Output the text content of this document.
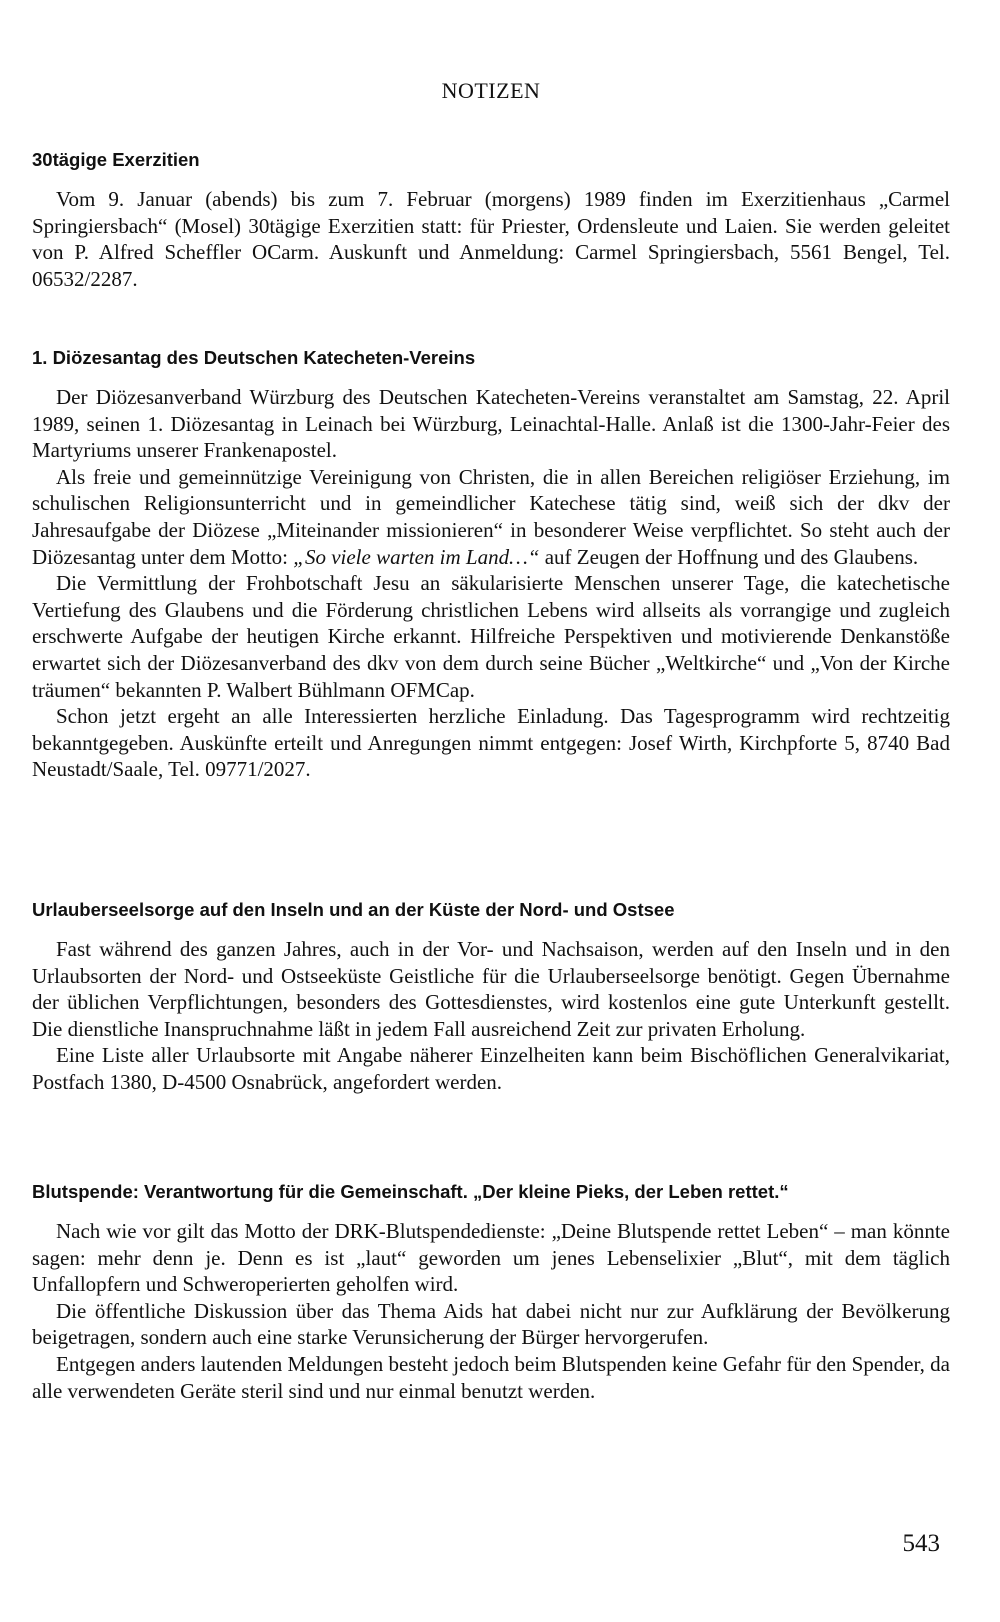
NOTIZEN
30tägige Exerzitien

Vom 9. Januar (abends) bis zum 7. Februar (morgens) 1989 finden im Exerzitienhaus „Carmel Springiersbach“ (Mosel) 30tägige Exerzitien statt: für Priester, Ordensleute und Laien. Sie werden geleitet von P. Alfred Scheffler OCarm. Auskunft und Anmeldung: Carmel Springiersbach, 5561 Bengel, Tel. 06532/2287.

1. Diözesantag des Deutschen Katecheten-Vereins

Der Diözesanverband Würzburg des Deutschen Katecheten-Vereins veranstaltet am Samstag, 22. April 1989, seinen 1. Diözesantag in Leinach bei Würzburg, Leinachtal-Halle. Anlaß ist die 1300-Jahr-Feier des Martyriums unserer Frankenapostel.

Als freie und gemeinnützige Vereinigung von Christen, die in allen Bereichen religiöser Erziehung, im schulischen Religionsunterricht und in gemeindlicher Katechese tätig sind, weiß sich der dkv der Jahresaufgabe der Diözese „Miteinander missionieren“ in besonderer Weise verpflichtet. So steht auch der Diözesantag unter dem Motto: „So viele warten im Land…“ auf Zeugen der Hoffnung und des Glaubens.

Die Vermittlung der Frohbotschaft Jesu an säkularisierte Menschen unserer Tage, die katechetische Vertiefung des Glaubens und die Förderung christlichen Lebens wird allseits als vorrangige und zugleich erschwerte Aufgabe der heutigen Kirche erkannt. Hilfreiche Perspektiven und motivierende Denkanstöße erwartet sich der Diözesanverband des dkv von dem durch seine Bücher „Weltkirche“ und „Von der Kirche träumen“ bekannten P. Walbert Bühlmann OFMCap.

Schon jetzt ergeht an alle Interessierten herzliche Einladung. Das Tagesprogramm wird rechtzeitig bekanntgegeben. Auskünfte erteilt und Anregungen nimmt entgegen: Josef Wirth, Kirchpforte 5, 8740 Bad Neustadt/Saale, Tel. 09771/2027.

Urlauberseelsorge auf den Inseln und an der Küste der Nord- und Ostsee

Fast während des ganzen Jahres, auch in der Vor- und Nachsaison, werden auf den Inseln und in den Urlaubsorten der Nord- und Ostseeküste Geistliche für die Urlauberseelsorge benötigt. Gegen Übernahme der üblichen Verpflichtungen, besonders des Gottesdienstes, wird kostenlos eine gute Unterkunft gestellt. Die dienstliche Inanspruchnahme läßt in jedem Fall ausreichend Zeit zur privaten Erholung.

Eine Liste aller Urlaubsorte mit Angabe näherer Einzelheiten kann beim Bischöflichen Generalvikariat, Postfach 1380, D-4500 Osnabrück, angefordert werden.

Blutspende: Verantwortung für die Gemeinschaft. „Der kleine Pieks, der Leben rettet.“

Nach wie vor gilt das Motto der DRK-Blutspendedienste: „Deine Blutspende rettet Leben“ – man könnte sagen: mehr denn je. Denn es ist „laut“ geworden um jenes Lebenselixier „Blut“, mit dem täglich Unfallopfern und Schweroperierten geholfen wird.

Die öffentliche Diskussion über das Thema Aids hat dabei nicht nur zur Aufklärung der Bevölkerung beigetragen, sondern auch eine starke Verunsicherung der Bürger hervorgerufen.

Entgegen anders lautenden Meldungen besteht jedoch beim Blutspenden keine Gefahr für den Spender, da alle verwendeten Geräte steril sind und nur einmal benutzt werden.

543
